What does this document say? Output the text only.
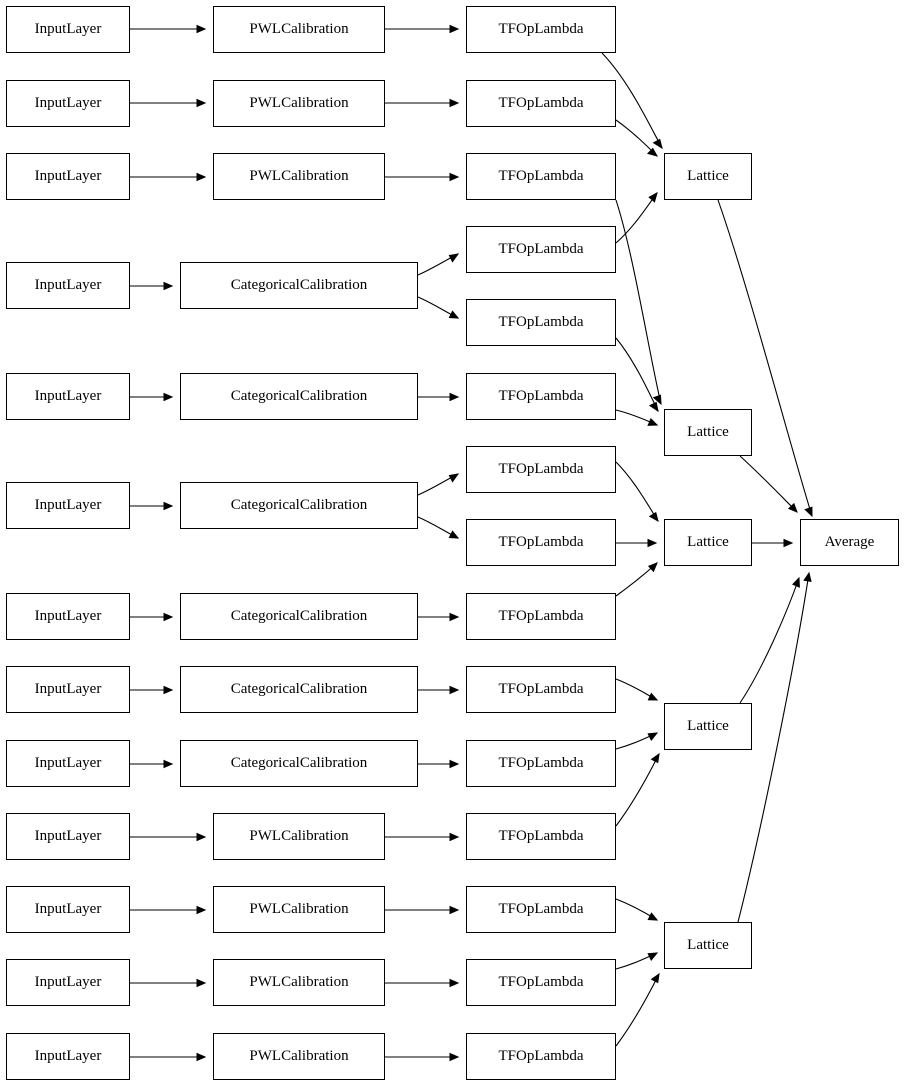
InputLayer
InputLayer
InputLayer
InputLayer
InputLayer
InputLayer
InputLayer
InputLayer
InputLayer
InputLayer
InputLayer
InputLayer
InputLayer
PWLCalibration
PWLCalibration
PWLCalibration
CategoricalCalibration
CategoricalCalibration
CategoricalCalibration
CategoricalCalibration
CategoricalCalibration
CategoricalCalibration
PWLCalibration
PWLCalibration
PWLCalibration
PWLCalibration
TFOpLambda
TFOpLambda
TFOpLambda
TFOpLambda
TFOpLambda
TFOpLambda
TFOpLambda
TFOpLambda
TFOpLambda
TFOpLambda
TFOpLambda
TFOpLambda
TFOpLambda
TFOpLambda
TFOpLambda
Lattice
Lattice
Lattice
Lattice
Lattice
Average
